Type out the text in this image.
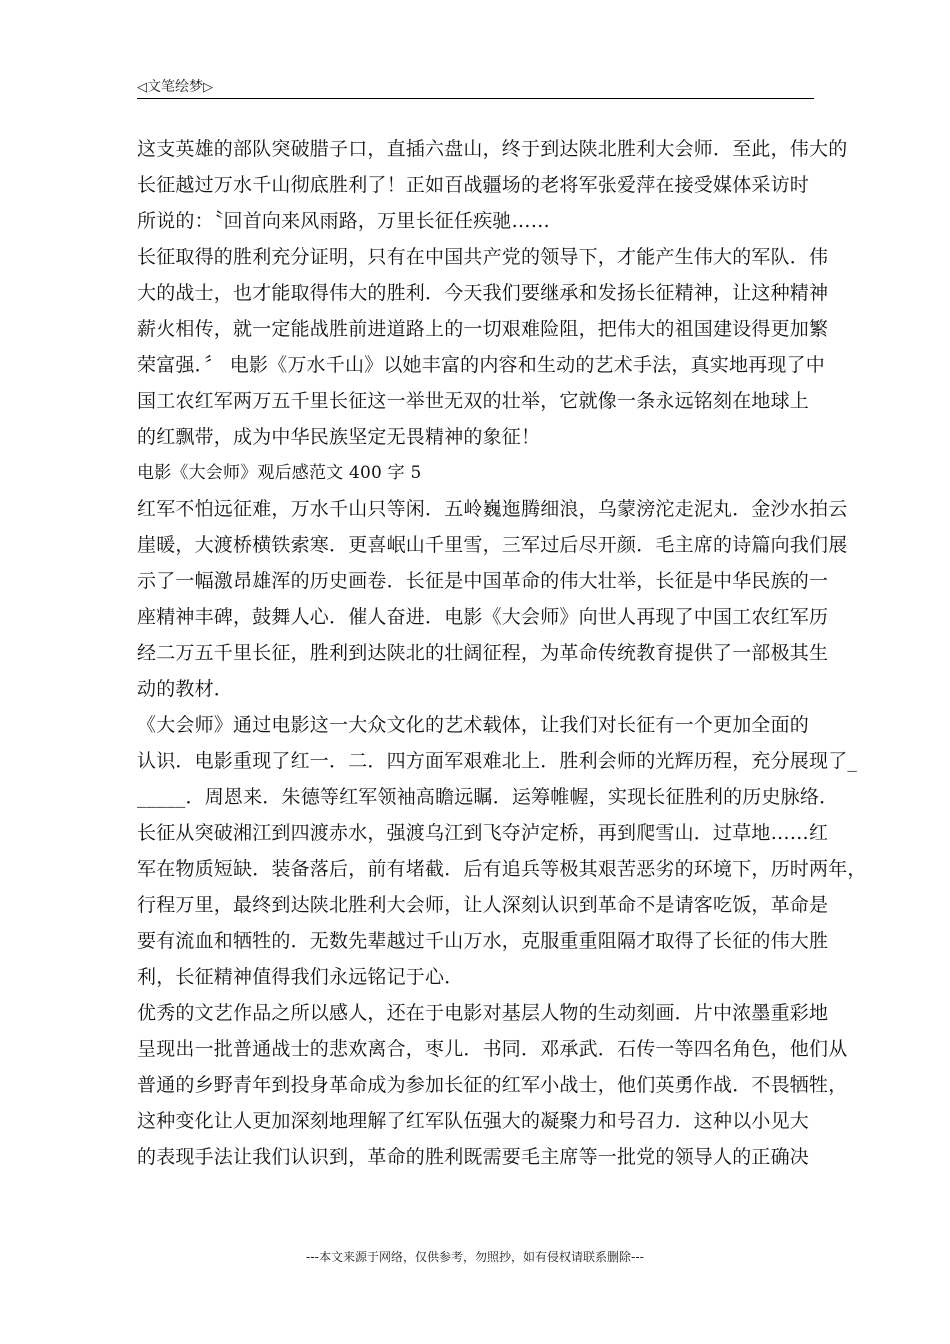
◁文笔绘梦▷
这支英雄的部队突破腊子口，直插六盘山，终于到达陕北胜利大会师．至此，伟大的
长征越过万水千山彻底胜利了！正如百战疆场的老将军张爱萍在接受媒体采访时
所说的：〝回首向来风雨路，万里长征任疾驰……
长征取得的胜利充分证明，只有在中国共产党的领导下，才能产生伟大的军队．伟
大的战士，也才能取得伟大的胜利．今天我们要继承和发扬长征精神，让这种精神
薪火相传，就一定能战胜前进道路上的一切艰难险阻，把伟大的祖国建设得更加繁
荣富强．〞 电影《万水千山》以她丰富的内容和生动的艺术手法，真实地再现了中
国工农红军两万五千里长征这一举世无双的壮举，它就像一条永远铭刻在地球上
的红飘带，成为中华民族坚定无畏精神的象征！
电影《大会师》观后感范文 400 字 5
红军不怕远征难，万水千山只等闲．五岭巍迤腾细浪，乌蒙滂沱走泥丸．金沙水拍云
崖暖，大渡桥横铁索寒．更喜岷山千里雪，三军过后尽开颜．毛主席的诗篇向我们展
示了一幅激昂雄浑的历史画卷．长征是中国革命的伟大壮举，长征是中华民族的一
座精神丰碑，鼓舞人心．催人奋进．电影《大会师》向世人再现了中国工农红军历
经二万五千里长征，胜利到达陕北的壮阔征程，为革命传统教育提供了一部极其生
动的教材．
《大会师》通过电影这一大众文化的艺术载体，让我们对长征有一个更加全面的
认识．电影重现了红一．二．四方面军艰难北上．胜利会师的光辉历程，充分展现了_
_____．周恩来．朱德等红军领袖高瞻远瞩．运筹帷幄，实现长征胜利的历史脉络．
长征从突破湘江到四渡赤水，强渡乌江到飞夺泸定桥，再到爬雪山．过草地……红
军在物质短缺．装备落后，前有堵截．后有追兵等极其艰苦恶劣的环境下，历时两年，
行程万里，最终到达陕北胜利大会师，让人深刻认识到革命不是请客吃饭，革命是
要有流血和牺牲的．无数先辈越过千山万水，克服重重阻隔才取得了长征的伟大胜
利，长征精神值得我们永远铭记于心．
优秀的文艺作品之所以感人，还在于电影对基层人物的生动刻画．片中浓墨重彩地
呈现出一批普通战士的悲欢离合，枣儿．书同．邓承武．石传一等四名角色，他们从
普通的乡野青年到投身革命成为参加长征的红军小战士，他们英勇作战．不畏牺牲，
这种变化让人更加深刻地理解了红军队伍强大的凝聚力和号召力．这种以小见大
的表现手法让我们认识到，革命的胜利既需要毛主席等一批党的领导人的正确决
---本文来源于网络，仅供参考，勿照抄，如有侵权请联系删除---
